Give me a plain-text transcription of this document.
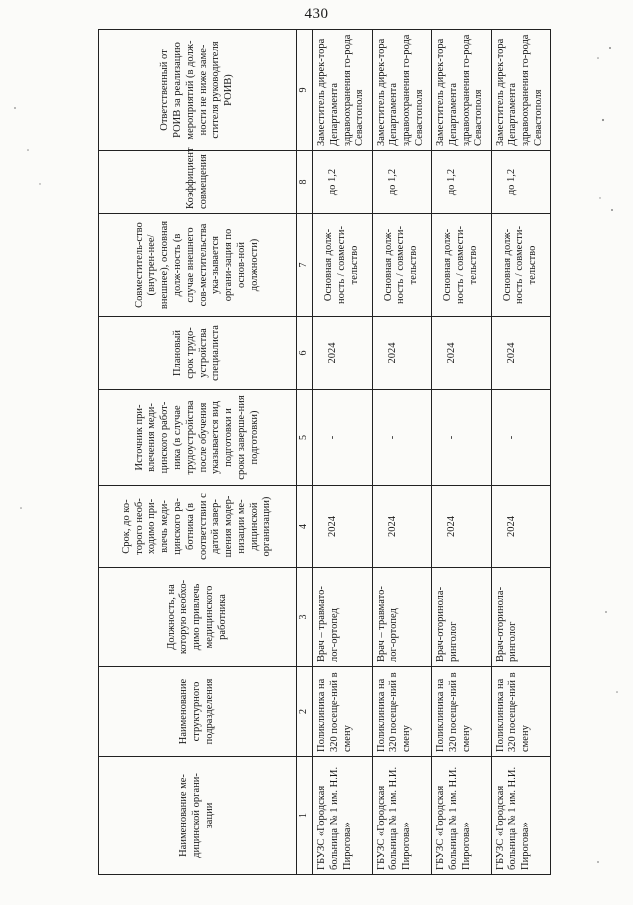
430
Наименование ме-дицинской органи-зации	Наименование структурного подразделения	Должность, на которую необхо-димо привлечь медицинского работника	Срок, до ко-торого необ-ходимо при-влечь меди-цинского ра-ботника (в соответствии с датой завер-шения модер-низации ме-дицинской организации)	Источник при-влечения меди-цинского работ-ника (в случае трудоустройства после обучения указывается вид подготовки и сроки заверше-ния подготовки)	Плановый срок трудо-устройства специалиста	Совместитель-ство (внутрен-нее/внешнее), основная долж-ность (в случае внешнего сов-местительства ука-зывается органи-зация по основ-ной должности)	Коэффициент совмещения	Ответственный от РОИВ за реализацию мероприятий (в долж-ности не ниже заме-стителя руководителя РОИВ)
1	2	3	4	5	6	7	8	9
ГБУЗС «Городская больница № 1 им. Н.И. Пирогова»	Поликлиника на 320 посеще-ний в смену	Врач – травмато-лог-ортопед	2024	-	2024	Основная долж-ность / совмести-тельство	до 1,2	Заместитель дирек-тора Департамента здравоохранения го-рода Севастополя
ГБУЗС «Городская больница № 1 им. Н.И. Пирогова»	Поликлиника на 320 посеще-ний в смену	Врач – травмато-лог-ортопед	2024	-	2024	Основная долж-ность / совмести-тельство	до 1,2	Заместитель дирек-тора Департамента здравоохранения го-рода Севастополя
ГБУЗС «Городская больница № 1 им. Н.И. Пирогова»	Поликлиника на 320 посеще-ний в смену	Врач-оторинола-ринголог	2024	-	2024	Основная долж-ность / совмести-тельство	до 1,2	Заместитель дирек-тора Департамента здравоохранения го-рода Севастополя
ГБУЗС «Городская больница № 1 им. Н.И. Пирогова»	Поликлиника на 320 посеще-ний в смену	Врач-оторинола-ринголог	2024	-	2024	Основная долж-ность / совмести-тельство	до 1,2	Заместитель дирек-тора Департамента здравоохранения го-рода Севастополя
